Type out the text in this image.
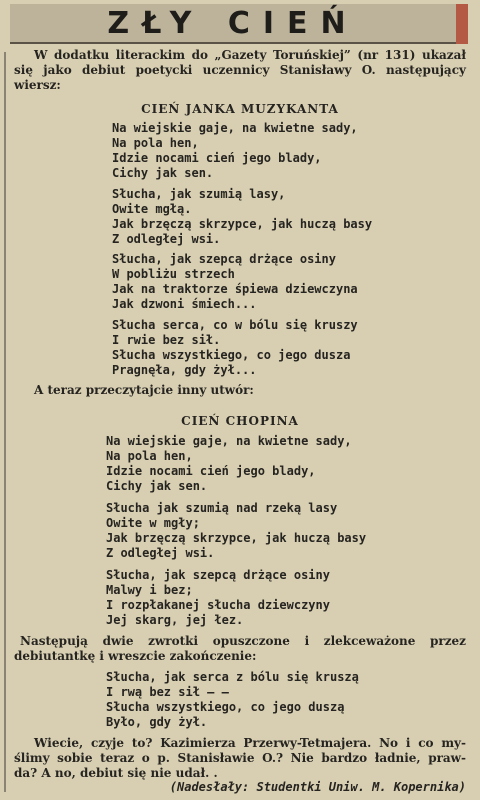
ZŁY CIEŃ
W dodatku literackim do „Gazety Toruńskiej” (nr 131) ukazał
się jako debiut poetycki uczennicy Stanisławy O. następujący
wiersz:
CIEŃ JANKA MUZYKANTA
Na wiejskie gaje, na kwietne sady,
Na pola hen,
Idzie nocami cień jego blady,
Cichy jak sen.
Słucha, jak szumią lasy,
Owite mgłą.
Jak brzęczą skrzypce, jak huczą basy
Z odległej wsi.
Słucha, jak szepcą drżące osiny
W pobliżu strzech
Jak na traktorze śpiewa dziewczyna
Jak dzwoni śmiech...
Słucha serca, co w bólu się kruszy
I rwie bez sił.
Słucha wszystkiego, co jego dusza
Pragnęła, gdy żył...
A teraz przeczytajcie inny utwór:
CIEŃ CHOPINA
Na wiejskie gaje, na kwietne sady,
Na pola hen,
Idzie nocami cień jego blady,
Cichy jak sen.
Słucha jak szumią nad rzeką lasy
Owite w mgły;
Jak brzęczą skrzypce, jak huczą basy
Z odległej wsi.
Słucha, jak szepcą drżące osiny
Malwy i bez;
I rozpłakanej słucha dziewczyny
Jej skarg, jej łez.
Następują dwie zwrotki opuszczone i zlekceważone przez
debiutantkę i wreszcie zakończenie:
Słucha, jak serca z bólu się kruszą
I rwą bez sił — —
Słucha wszystkiego, co jego duszą
Było, gdy żył.
Wiecie, czyje to? Kazimierza Przerwy-Tetmajera. No i co my-
ślimy sobie teraz o p. Stanisławie O.? Nie bardzo ładnie, praw-
da? A no, debiut się nie udał. .
(Nadesłały: Studentki Uniw. M. Kopernika)
